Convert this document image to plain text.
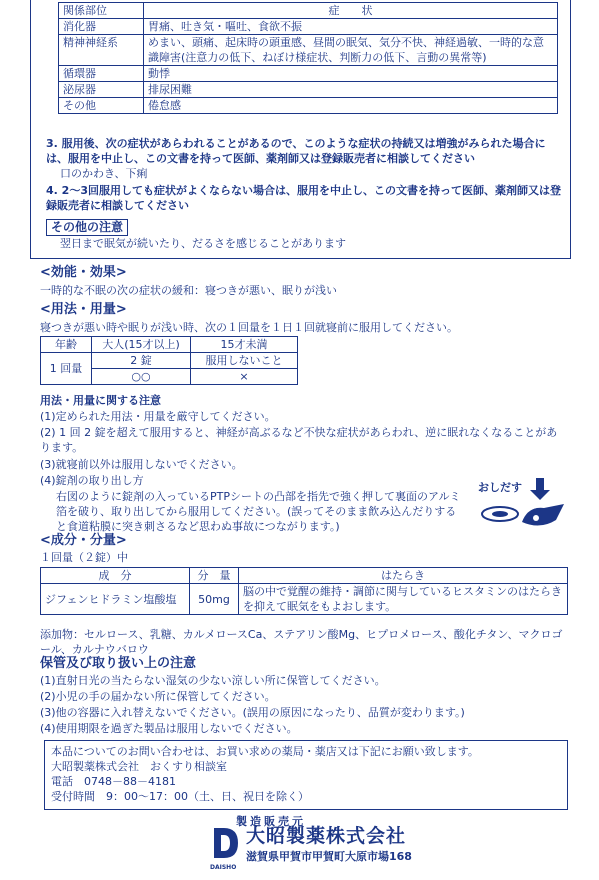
関係部位	症　　状
消化器	胃痛、吐き気・嘔吐、食欲不振
精神神経系	めまい、頭痛、起床時の頭重感、昼間の眠気、気分不快、神経過敏、一時的な意識障害(注意力の低下、ねぼけ様症状、判断力の低下、言動の異常等)
循環器	動悸
泌尿器	排尿困難
その他	倦怠感
3. 服用後、次の症状があらわれることがあるので、このような症状の持続又は増強がみられた場合には、服用を中止し、この文書を持って医師、薬剤師又は登録販売者に相談してください
口のかわき、下痢
4. 2～3回服用しても症状がよくならない場合は、服用を中止し、この文書を持って医師、薬剤師又は登録販売者に相談してください
その他の注意
翌日まで眠気が続いたり、だるさを感じることがあります
<効能・効果>
一時的な不眠の次の症状の緩和：寝つきが悪い、眠りが浅い
<用法・用量>
寝つきが悪い時や眠りが浅い時、次の１回量を１日１回就寝前に服用してください。
年齢	大人(15才以上)	15才未満
1 回量	2 錠	服用しないこと
	○○	×
用法・用量に関する注意
(1)定められた用法・用量を厳守してください。
(2) 1 回 2 錠を超えて服用すると、神経が高ぶるなど不快な症状があらわれ、逆に眠れなくなることがあります。
(3)就寝前以外は服用しないでください。
(4)錠剤の取り出し方
右図のように錠剤の入っているPTPシートの凸部を指先で強く押して裏面のアルミ箔を破り、取り出してから服用してください。(誤ってそのまま飲み込んだりすると食道粘膜に突き刺さるなど思わぬ事故につながります。)
おしだす
<成分・分量>
１回量（２錠）中
成　分	分　量	はたらき
ジフェンヒドラミン塩酸塩	50mg	脳の中で覚醒の維持・調節に関与しているヒスタミンのはたらきを抑えて眠気をもよおします。
添加物：セルロース、乳糖、カルメロースCa、ステアリン酸Mg、ヒプロメロース、酸化チタン、マクロゴール、カルナウバロウ
保管及び取り扱い上の注意
(1)直射日光の当たらない湿気の少ない涼しい所に保管してください。
(2)小児の手の届かない所に保管してください。
(3)他の容器に入れ替えないでください。(誤用の原因になったり、品質が変わります。)
(4)使用期限を過ぎた製品は服用しないでください。
本品についてのお問い合わせは、お買い求めの薬局・薬店又は下記にお願い致します。
大昭製薬株式会社　おくすり相談室
電話　0748－88－4181
受付時間　9：00～17：00（土、日、祝日を除く）
製造販売元
DAISHO
大昭製薬株式会社
滋賀県甲賀市甲賀町大原市場168
